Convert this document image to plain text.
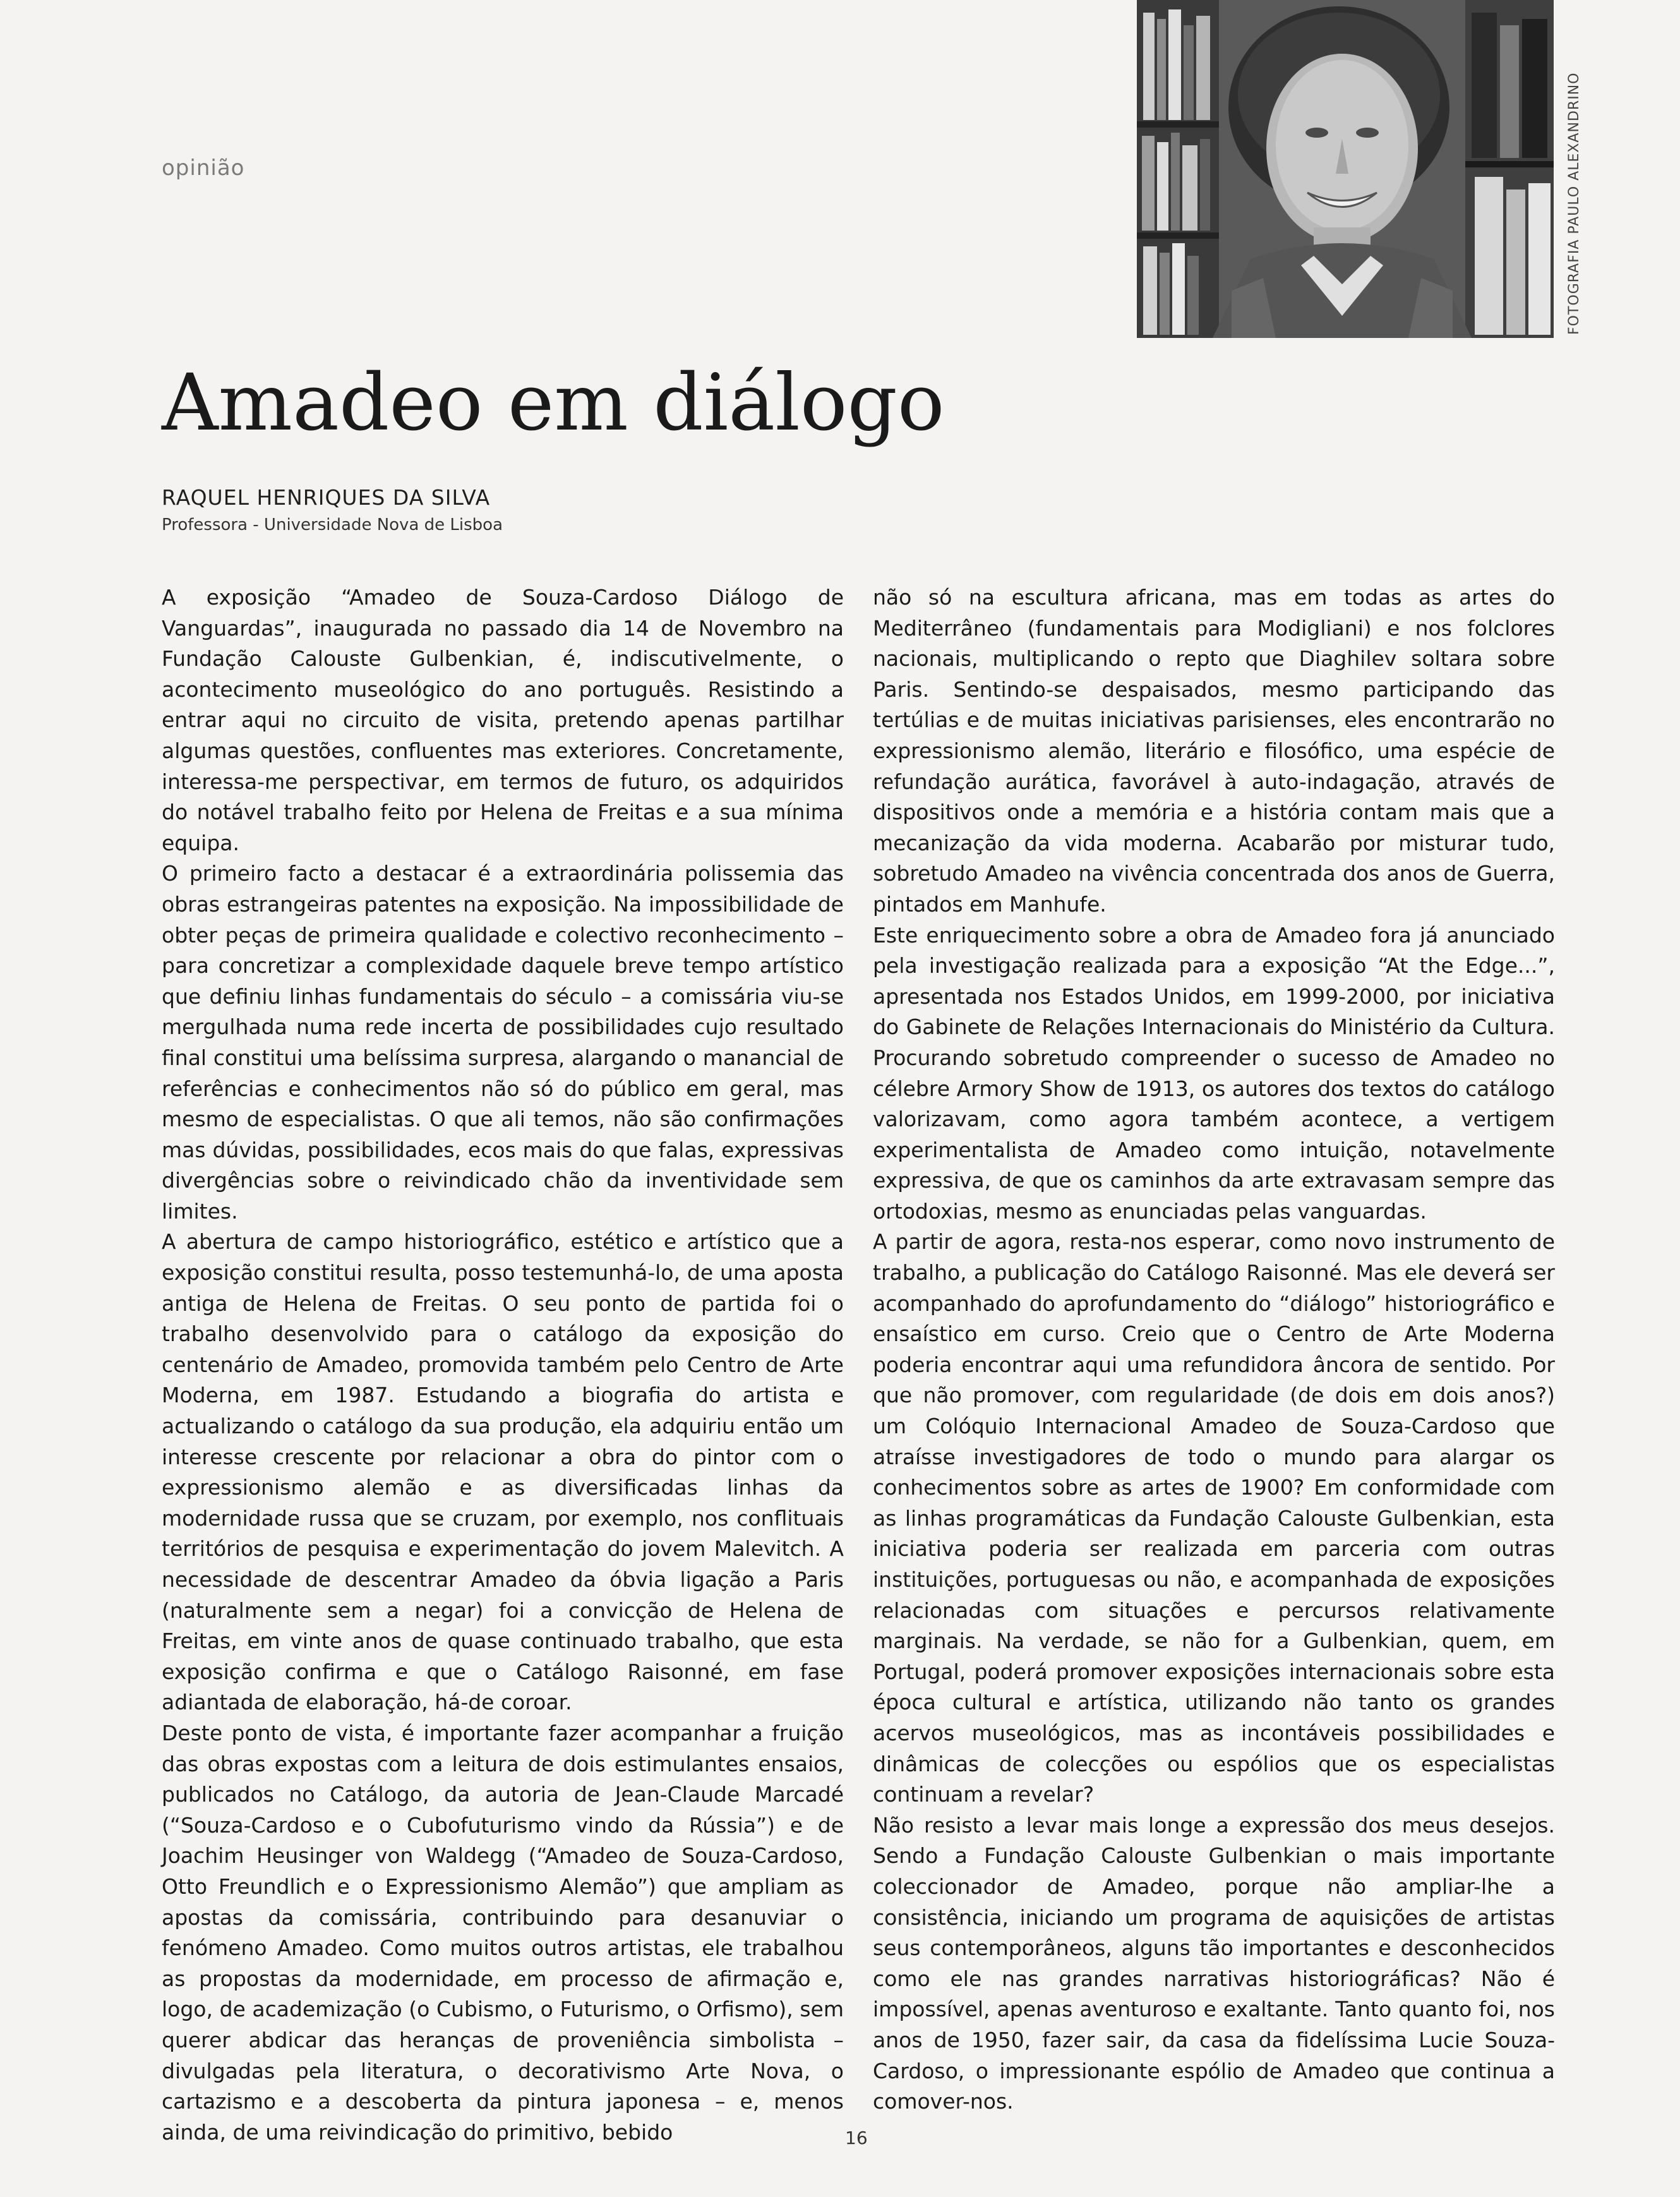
opinião	FOTOGRAFIA PAULO ALEXANDRINO
Amadeo em diálogo
RAQUEL HENRIQUES DA SILVA
Professora - Universidade Nova de Lisboa

A exposição “Amadeo de Souza-Cardoso Diálogo de Vanguardas”, inaugurada no passado dia 14 de Novembro na Fundação Calouste Gulbenkian, é, indiscutivelmente, o acontecimento museológico do ano português. Resistindo a entrar aqui no circuito de visita, pretendo apenas partilhar algumas questões, confluentes mas exteriores. Concretamente, interessa-me perspectivar, em termos de futuro, os adquiridos do notável trabalho feito por Helena de Freitas e a sua mínima equipa.

O primeiro facto a destacar é a extraordinária polissemia das obras estrangeiras patentes na exposição. Na impossibilidade de obter peças de primeira qualidade e colectivo reconhecimento – para concretizar a complexidade daquele breve tempo artístico que definiu linhas fundamentais do século – a comissária viu-se mergulhada numa rede incerta de possibilidades cujo resultado final constitui uma belíssima surpresa, alargando o manancial de referências e conhecimentos não só do público em geral, mas mesmo de especialistas. O que ali temos, não são confirmações mas dúvidas, possibilidades, ecos mais do que falas, expressivas divergências sobre o reivindicado chão da inventividade sem limites.

A abertura de campo historiográfico, estético e artístico que a exposição constitui resulta, posso testemunhá-lo, de uma aposta antiga de Helena de Freitas. O seu ponto de partida foi o trabalho desenvolvido para o catálogo da exposição do centenário de Amadeo, promovida também pelo Centro de Arte Moderna, em 1987. Estudando a biografia do artista e actualizando o catálogo da sua produção, ela adquiriu então um interesse crescente por relacionar a obra do pintor com o expressionismo alemão e as diversificadas linhas da modernidade russa que se cruzam, por exemplo, nos conflituais territórios de pesquisa e experimentação do jovem Malevitch. A necessidade de descentrar Amadeo da óbvia ligação a Paris (naturalmente sem a negar) foi a convicção de Helena de Freitas, em vinte anos de quase continuado trabalho, que esta exposição confirma e que o Catálogo Raisonné, em fase adiantada de elaboração, há-de coroar.

Deste ponto de vista, é importante fazer acompanhar a fruição das obras expostas com a leitura de dois estimulantes ensaios, publicados no Catálogo, da autoria de Jean-Claude Marcadé (“Souza-Cardoso e o Cubofuturismo vindo da Rússia”) e de Joachim Heusinger von Waldegg (“Amadeo de Souza-Cardoso, Otto Freundlich e o Expressionismo Alemão”) que ampliam as apostas da comissária, contribuindo para desanuviar o fenómeno Amadeo. Como muitos outros artistas, ele trabalhou as propostas da modernidade, em processo de afirmação e, logo, de academização (o Cubismo, o Futurismo, o Orfismo), sem querer abdicar das heranças de proveniência simbolista – divulgadas pela literatura, o decorativismo Arte Nova, o cartazismo e a descoberta da pintura japonesa – e, menos ainda, de uma reivindicação do primitivo, bebido

não só na escultura africana, mas em todas as artes do Mediterrâneo (fundamentais para Modigliani) e nos folclores nacionais, multiplicando o repto que Diaghilev soltara sobre Paris. Sentindo-se despaisados, mesmo participando das tertúlias e de muitas iniciativas parisienses, eles encontrarão no expressionismo alemão, literário e filosófico, uma espécie de refundação aurática, favorável à auto-indagação, através de dispositivos onde a memória e a história contam mais que a mecanização da vida moderna. Acabarão por misturar tudo, sobretudo Amadeo na vivência concentrada dos anos de Guerra, pintados em Manhufe.

Este enriquecimento sobre a obra de Amadeo fora já anunciado pela investigação realizada para a exposição “At the Edge...”, apresentada nos Estados Unidos, em 1999-2000, por iniciativa do Gabinete de Relações Internacionais do Ministério da Cultura. Procurando sobretudo compreender o sucesso de Amadeo no célebre Armory Show de 1913, os autores dos textos do catálogo valorizavam, como agora também acontece, a vertigem experimentalista de Amadeo como intuição, notavelmente expressiva, de que os caminhos da arte extravasam sempre das ortodoxias, mesmo as enunciadas pelas vanguardas.

A partir de agora, resta-nos esperar, como novo instrumento de trabalho, a publicação do Catálogo Raisonné. Mas ele deverá ser acompanhado do aprofundamento do “diálogo” historiográfico e ensaístico em curso. Creio que o Centro de Arte Moderna poderia encontrar aqui uma refundidora âncora de sentido. Por que não promover, com regularidade (de dois em dois anos?) um Colóquio Internacional Amadeo de Souza-Cardoso que atraísse investigadores de todo o mundo para alargar os conhecimentos sobre as artes de 1900? Em conformidade com as linhas programáticas da Fundação Calouste Gulbenkian, esta iniciativa poderia ser realizada em parceria com outras instituições, portuguesas ou não, e acompanhada de exposições relacionadas com situações e percursos relativamente marginais. Na verdade, se não for a Gulbenkian, quem, em Portugal, poderá promover exposições internacionais sobre esta época cultural e artística, utilizando não tanto os grandes acervos museológicos, mas as incontáveis possibilidades e dinâmicas de colecções ou espólios que os especialistas continuam a revelar?

Não resisto a levar mais longe a expressão dos meus desejos. Sendo a Fundação Calouste Gulbenkian o mais importante coleccionador de Amadeo, porque não ampliar-lhe a consistência, iniciando um programa de aquisições de artistas seus contemporâneos, alguns tão importantes e desconhecidos como ele nas grandes narrativas historiográficas? Não é impossível, apenas aventuroso e exaltante. Tanto quanto foi, nos anos de 1950, fazer sair, da casa da fidelíssima Lucie Souza-Cardoso, o impressionante espólio de Amadeo que continua a comover-nos.

16
